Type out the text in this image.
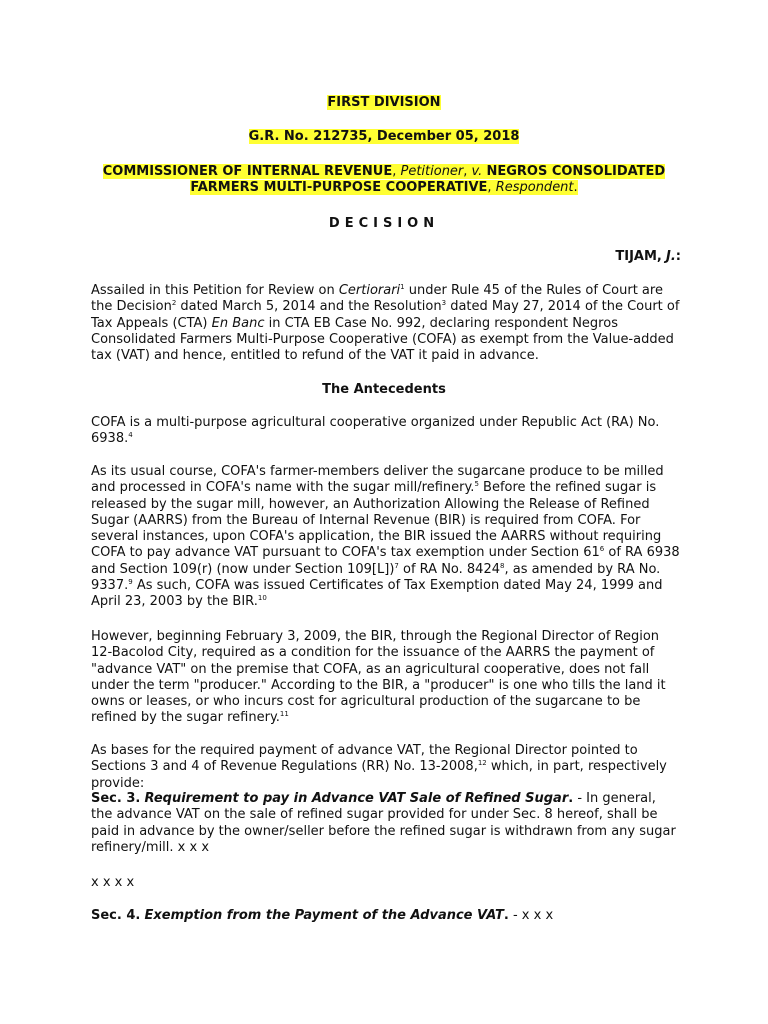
FIRST DIVISION
G.R. No. 212735, December 05, 2018
COMMISSIONER OF INTERNAL REVENUE, Petitioner, v. NEGROS CONSOLIDATED FARMERS MULTI-PURPOSE COOPERATIVE, Respondent.
DECISION
TIJAM, J.:

Assailed in this Petition for Review on Certiorari$^1$ under Rule 45 of the Rules of Court are the Decision$^2$ dated March 5, 2014 and the Resolution$^3$ dated May 27, 2014 of the Court of Tax Appeals (CTA) En Banc in CTA EB Case No. 992, declaring respondent Negros Consolidated Farmers Multi-Purpose Cooperative (COFA) as exempt from the Value-added tax (VAT) and hence, entitled to refund of the VAT it paid in advance.

The Antecedents

COFA is a multi-purpose agricultural cooperative organized under Republic Act (RA) No. 6938.$^4$

As its usual course, COFA's farmer-members deliver the sugarcane produce to be milled and processed in COFA's name with the sugar mill/refinery.$^5$ Before the refined sugar is released by the sugar mill, however, an Authorization Allowing the Release of Refined Sugar (AARRS) from the Bureau of Internal Revenue (BIR) is required from COFA. For several instances, upon COFA's application, the BIR issued the AARRS without requiring COFA to pay advance VAT pursuant to COFA's tax exemption under Section $61^6$ of RA 6938 and Section 109(r) (now under Section 109[L])$^7$ of RA No. 8424$^8$, as amended by RA No. 9337.$^9$ As such, COFA was issued Certificates of Tax Exemption dated May 24, 1999 and April 23, 2003 by the BIR.$^{10}$

However, beginning February 3, 2009, the BIR, through the Regional Director of Region 12-Bacolod City, required as a condition for the issuance of the AARRS the payment of "advance VAT" on the premise that COFA, as an agricultural cooperative, does not fall under the term "producer." According to the BIR, a "producer" is one who tills the land it owns or leases, or who incurs cost for agricultural production of the sugarcane to be refined by the sugar refinery.$^{11}$

As bases for the required payment of advance VAT, the Regional Director pointed to Sections 3 and 4 of Revenue Regulations (RR) No. 13-2008,12 which, in part, respectively provide:

Sec. 3. Requirement to pay in Advance VAT Sale of Refined Sugar. - In general, the advance VAT on the sale of refined sugar provided for under Sec. 8 hereof, shall be paid in advance by the owner/seller before the refined sugar is withdrawn from any sugar refinery/mill. x x x

x x x x

Sec. 4. Exemption from the Payment of the Advance VAT. - x x x
